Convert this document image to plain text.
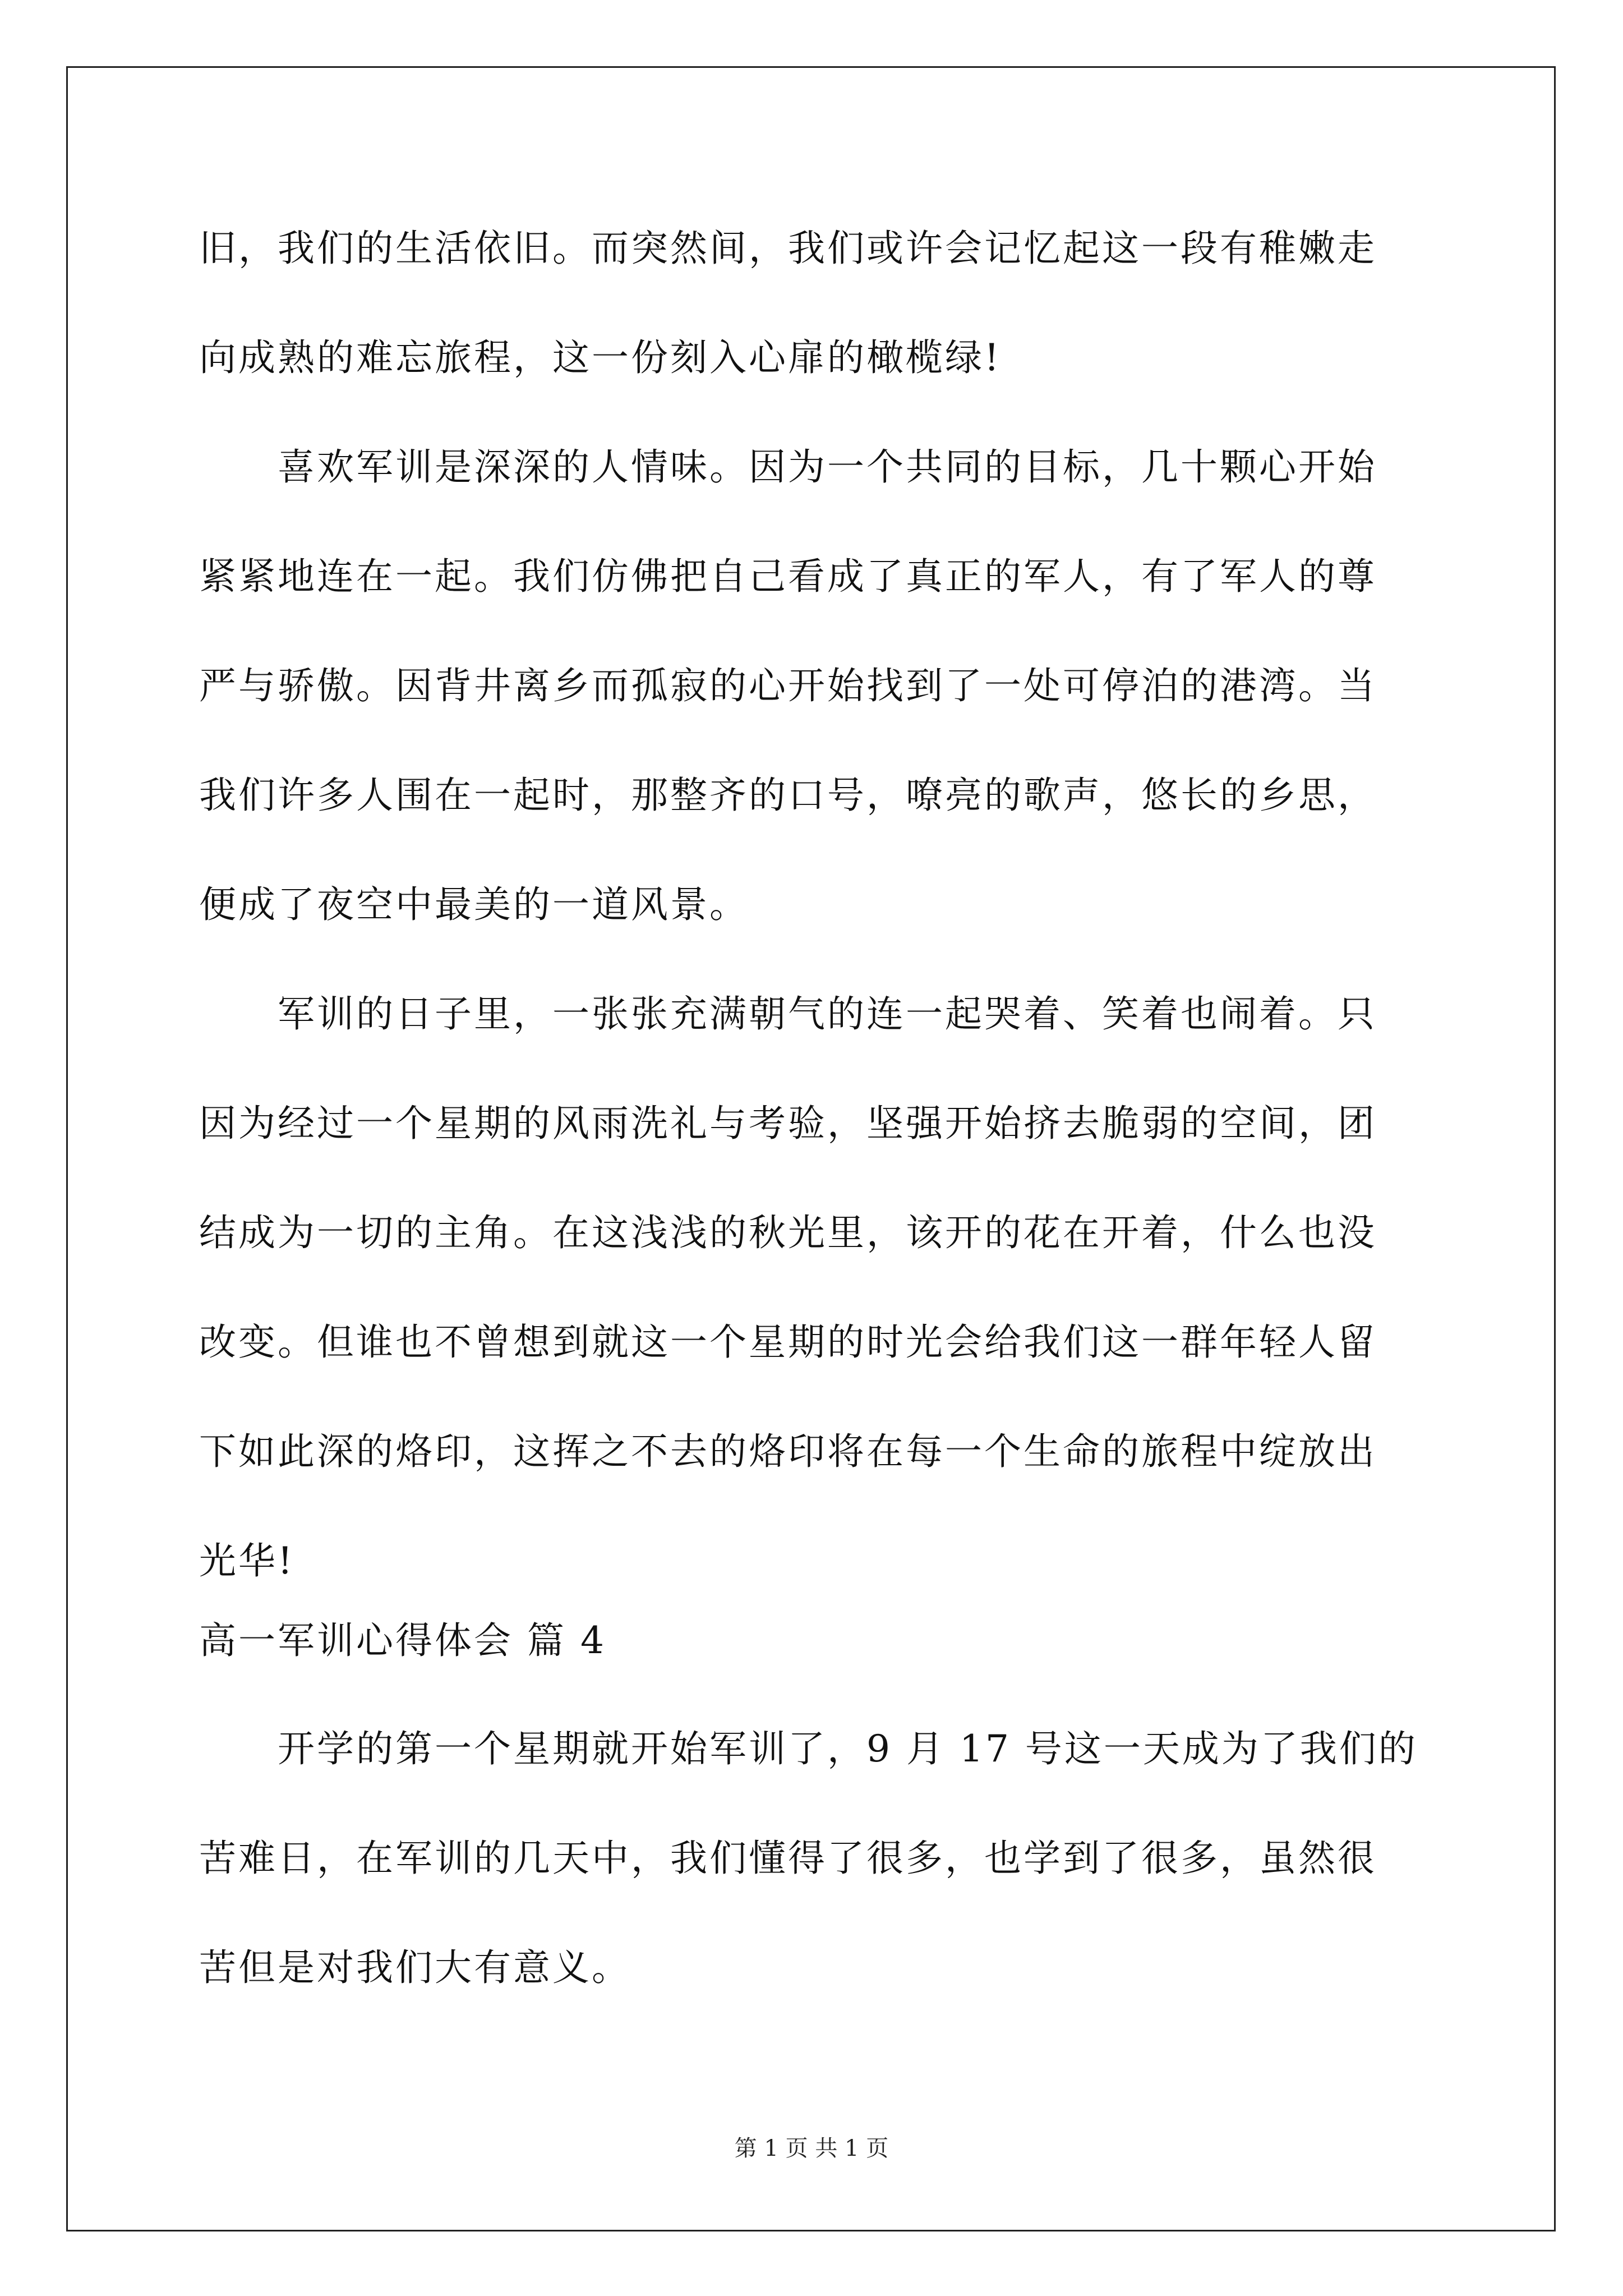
旧，我们的生活依旧。而突然间，我们或许会记忆起这一段有稚嫩走
向成熟的难忘旅程，这一份刻入心扉的橄榄绿!
喜欢军训是深深的人情味。因为一个共同的目标，几十颗心开始
紧紧地连在一起。我们仿佛把自己看成了真正的军人，有了军人的尊
严与骄傲。因背井离乡而孤寂的心开始找到了一处可停泊的港湾。当
我们许多人围在一起时，那整齐的口号，嘹亮的歌声，悠长的乡思，
便成了夜空中最美的一道风景。
军训的日子里，一张张充满朝气的连一起哭着、笑着也闹着。只
因为经过一个星期的风雨洗礼与考验，坚强开始挤去脆弱的空间，团
结成为一切的主角。在这浅浅的秋光里，该开的花在开着，什么也没
改变。但谁也不曾想到就这一个星期的时光会给我们这一群年轻人留
下如此深的烙印，这挥之不去的烙印将在每一个生命的旅程中绽放出
光华!
高一军训心得体会 篇 4
开学的第一个星期就开始军训了，9 月 17 号这一天成为了我们的
苦难日，在军训的几天中，我们懂得了很多，也学到了很多，虽然很
苦但是对我们大有意义。
第 1 页 共 1 页
